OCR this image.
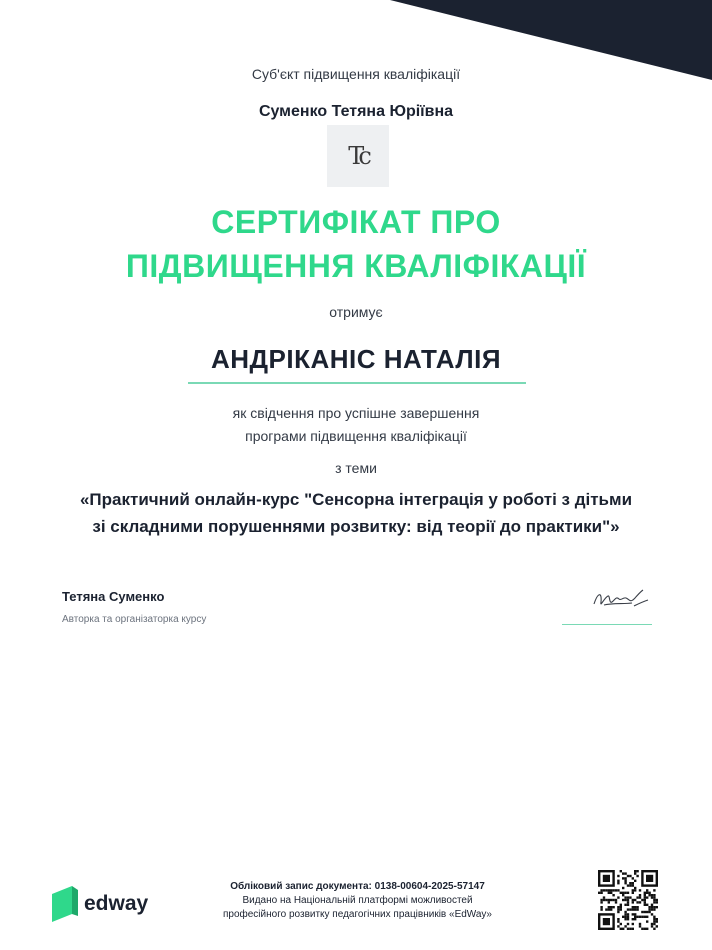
Суб'єкт підвищення кваліфікації
Суменко Тетяна Юріївна
Tc
СЕРТИФІКАТ ПРО
ПІДВИЩЕННЯ КВАЛІФІКАЦІЇ
отримує
АНДРІКАНІС НАТАЛІЯ
як свідчення про успішне завершення
програми підвищення кваліфікації
з теми
«Практичний онлайн-курс "Сенсорна інтеграція у роботі з дітьми
зі складними порушеннями розвитку: від теорії до практики"»
Тетяна Суменко
Авторка та організаторка курсу
edway
Обліковий запис документа: 0138-00604-2025-57147
Видано на Національній платформі можливостей
професійного розвитку педагогічних працівників «EdWay»
